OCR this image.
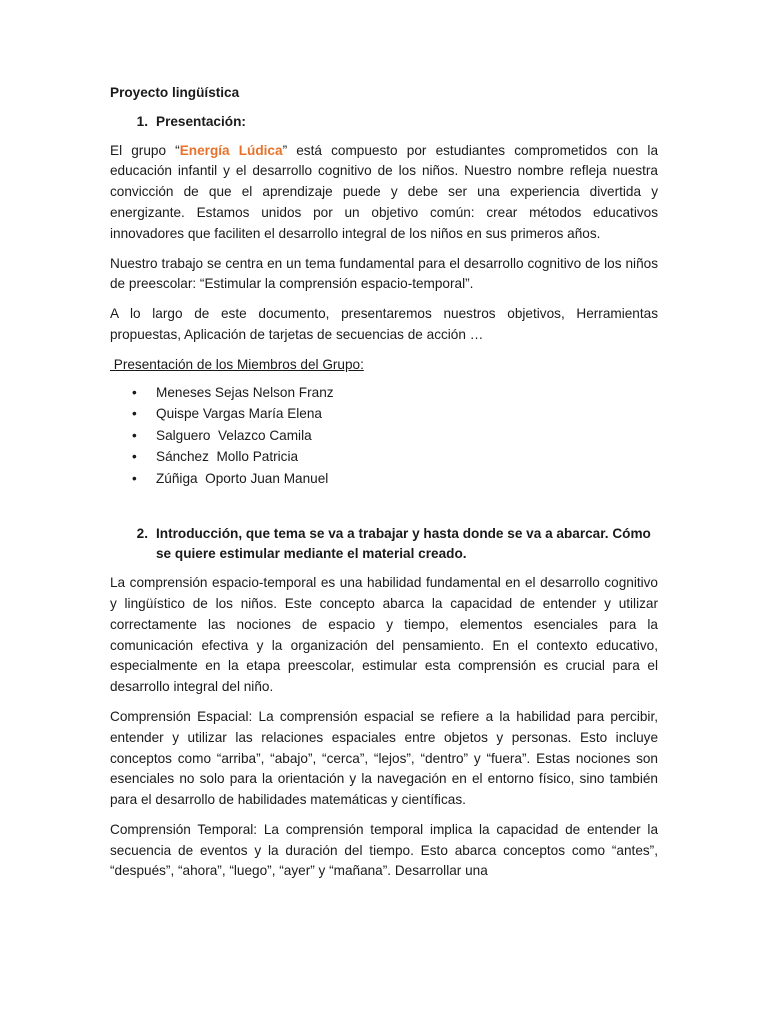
Proyecto lingüística

1. Presentación:

El grupo “Energía Lúdica” está compuesto por estudiantes comprometidos con la educación infantil y el desarrollo cognitivo de los niños. Nuestro nombre refleja nuestra convicción de que el aprendizaje puede y debe ser una experiencia divertida y energizante. Estamos unidos por un objetivo común: crear métodos educativos innovadores que faciliten el desarrollo integral de los niños en sus primeros años.

Nuestro trabajo se centra en un tema fundamental para el desarrollo cognitivo de los niños de preescolar: “Estimular la comprensión espacio-temporal”.

A lo largo de este documento, presentaremos nuestros objetivos, Herramientas propuestas, Aplicación de tarjetas de secuencias de acción …

Presentación de los Miembros del Grupo:

•	Meneses Sejas Nelson Franz
•	Quispe Vargas María Elena
•	Salguero  Velazco Camila
•	Sánchez  Mollo Patricia
•	Zúñiga  Oporto Juan Manuel
2. Introducción, que tema se va a trabajar y hasta donde se va a abarcar. Cómo se quiere estimular mediante el material creado.

La comprensión espacio-temporal es una habilidad fundamental en el desarrollo cognitivo y lingüístico de los niños. Este concepto abarca la capacidad de entender y utilizar correctamente las nociones de espacio y tiempo, elementos esenciales para la comunicación efectiva y la organización del pensamiento. En el contexto educativo, especialmente en la etapa preescolar, estimular esta comprensión es crucial para el desarrollo integral del niño.

Comprensión Espacial: La comprensión espacial se refiere a la habilidad para percibir, entender y utilizar las relaciones espaciales entre objetos y personas. Esto incluye conceptos como “arriba”, “abajo”, “cerca”, “lejos”, “dentro” y “fuera”. Estas nociones son esenciales no solo para la orientación y la navegación en el entorno físico, sino también para el desarrollo de habilidades matemáticas y científicas.

Comprensión Temporal: La comprensión temporal implica la capacidad de entender la secuencia de eventos y la duración del tiempo. Esto abarca conceptos como “antes”, “después”, “ahora”, “luego”, “ayer” y “mañana”. Desarrollar una
